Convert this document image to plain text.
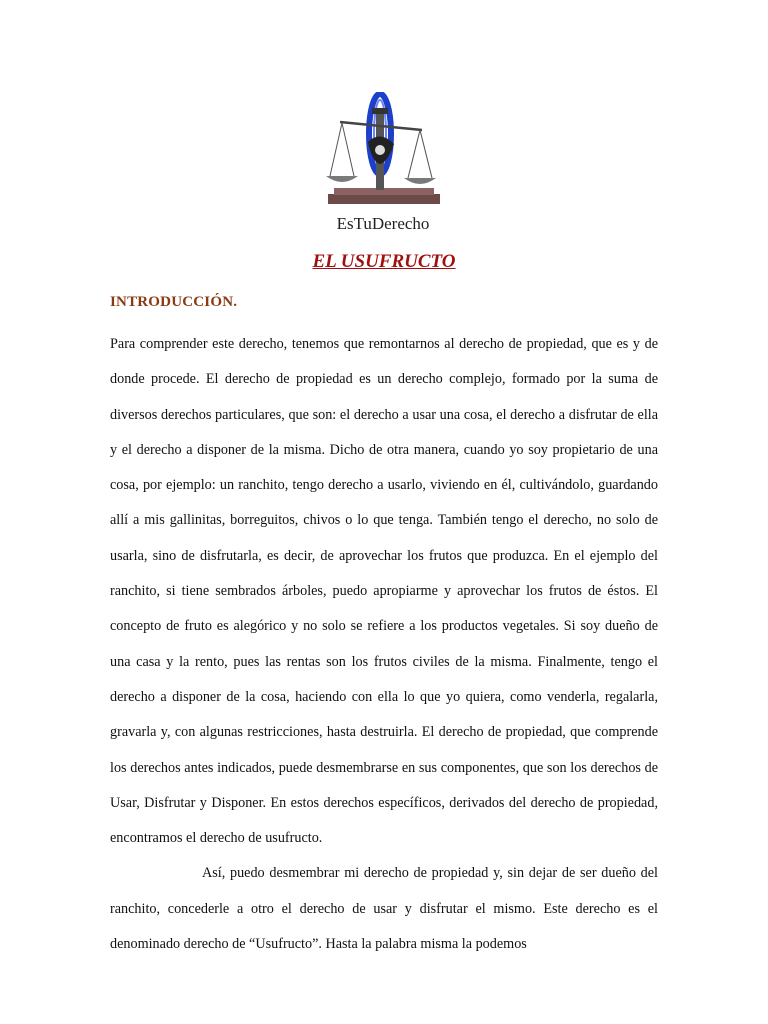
EsTuDerecho
EL USUFRUCTO
INTRODUCCIÓN.

Para comprender este derecho, tenemos que remontarnos al derecho de propiedad, que es y de donde procede. El derecho de propiedad es un derecho complejo, formado por la suma de diversos derechos particulares, que son: el derecho a usar una cosa, el derecho a disfrutar de ella y el derecho a disponer de la misma. Dicho de otra manera, cuando yo soy propietario de una cosa, por ejemplo: un ranchito, tengo derecho a usarlo, viviendo en él, cultivándolo, guardando allí a mis gallinitas, borreguitos, chivos o lo que tenga. También tengo el derecho, no solo de usarla, sino de disfrutarla, es decir, de aprovechar los frutos que produzca. En el ejemplo del ranchito, si tiene sembrados árboles, puedo apropiarme y aprovechar los frutos de éstos. El concepto de fruto es alegórico y no solo se refiere a los productos vegetales. Si soy dueño de una casa y la rento, pues las rentas son los frutos civiles de la misma. Finalmente, tengo el derecho a disponer de la cosa, haciendo con ella lo que yo quiera, como venderla, regalarla, gravarla y, con algunas restricciones, hasta destruirla. El derecho de propiedad, que comprende los derechos antes indicados, puede desmembrarse en sus componentes, que son los derechos de Usar, Disfrutar y Disponer. En estos derechos específicos, derivados del derecho de propiedad, encontramos el derecho de usufructo.

Así, puedo desmembrar mi derecho de propiedad y, sin dejar de ser dueño del ranchito, concederle a otro el derecho de usar y disfrutar el mismo. Este derecho es el denominado derecho de “Usufructo”. Hasta la palabra misma la podemos
